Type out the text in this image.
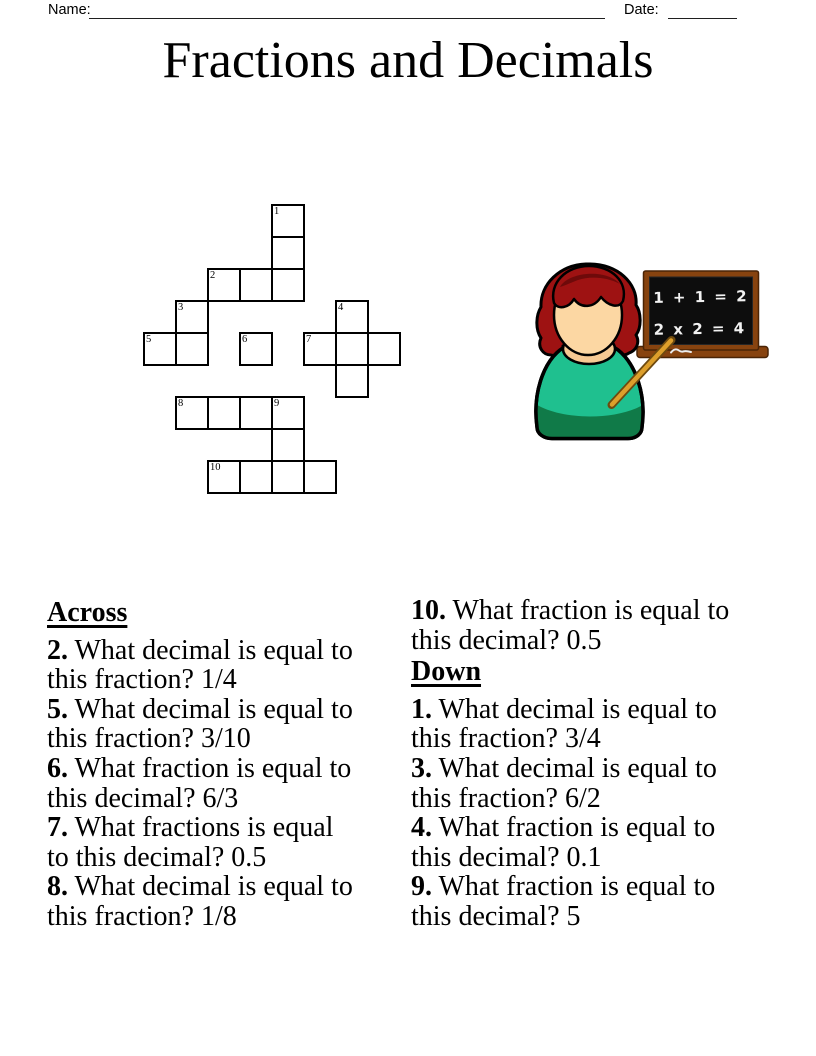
Name:	Date:
Fractions and Decimals
1
2
3	4
5	6	7
8	9
10
1 + 1 = 2
2 x 2 = 4
Across

2. What decimal is equal to this fraction? 1/4

5. What decimal is equal to this fraction? 3/10

6. What fraction is equal to this decimal? 6/3

7. What fractions is equal to this decimal? 0.5

8. What decimal is equal to this fraction? 1/8

10. What fraction is equal to this decimal? 0.5

Down

1. What decimal is equal to this fraction? 3/4

3. What decimal is equal to this fraction? 6/2

4. What fraction is equal to this decimal? 0.1

9. What fraction is equal to this decimal? 5
